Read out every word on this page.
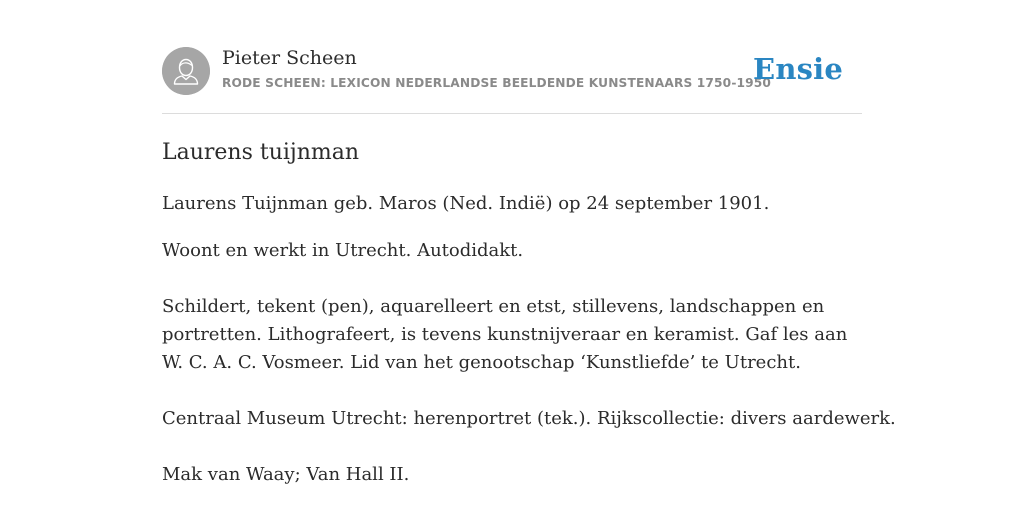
Pieter Scheen
RODE SCHEEN: LEXICON NEDERLANDSE BEELDENDE KUNSTENAARS 1750-1950
Ensie
Laurens tuijnman

Laurens Tuijnman geb. Maros (Ned. Indië) op 24 september 1901.

Woont en werkt in Utrecht. Autodidakt.

Schildert, tekent (pen), aquarelleert en etst, stillevens, landschappen en portretten. Lithografeert, is tevens kunstnijveraar en keramist. Gaf les aan W. C. A. C. Vosmeer. Lid van het genootschap ‘Kunstliefde’ te Utrecht.

Centraal Museum Utrecht: herenportret (tek.). Rijkscollectie: divers aardewerk.

Mak van Waay; Van Hall II.
